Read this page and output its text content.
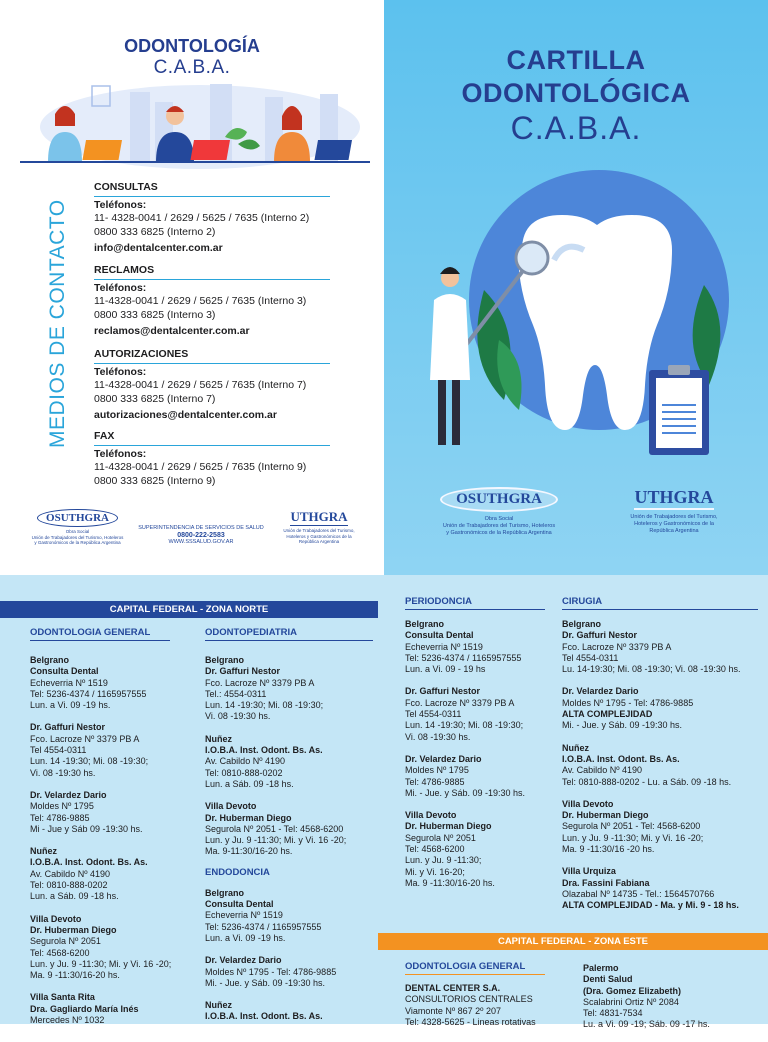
ODONTOLOGÍA
C.A.B.A.
MEDIOS DE CONTACTO
CONSULTAS
Teléfonos:
11- 4328-0041 / 2629 / 5625 / 7635 (Interno 2)
0800 333 6825 (Interno 2)
info@dentalcenter.com.ar
RECLAMOS
Teléfonos:
11-4328-0041 / 2629 / 5625 / 7635 (Interno 3)
0800 333 6825 (Interno 3)
reclamos@dentalcenter.com.ar
AUTORIZACIONES
Teléfonos:
11-4328-0041 / 2629 / 5625 / 7635 (Interno 7)
0800 333 6825 (Interno 7)
autorizaciones@dentalcenter.com.ar
FAX
Teléfonos:
11-4328-0041 / 2629 / 5625 / 7635 (Interno 9)
0800 333 6825 (Interno 9)
OSUTHGRA
Obra Social
Unión de Trabajadores del Turismo, Hoteleros
y Gastronómicos de la República Argentina
SUPERINTENDENCIA DE SERVICIOS DE SALUD
0800-222-2583
WWW.SSSALUD.GOV.AR
UTHGRA
Unión de Trabajadores del Turismo,
Hoteleros y Gastronómicos de la
República Argentina
CARTILLA
ODONTOLÓGICA
C.A.B.A.
OSUTHGRA
Obra Social
Unión de Trabajadores del Turismo, Hoteleros
y Gastronómicos de la República Argentina
UTHGRA
Unión de Trabajadores del Turismo,
Hoteleros y Gastronómicos de la
República Argentina
CAPITAL FEDERAL - ZONA NORTE
ODONTOLOGIA GENERAL
Belgrano
Consulta Dental
Echeverria Nº 1519
Tel: 5236-4374 / 1165957555
Lun. a Vi. 09 -19 hs.
Dr. Gaffuri Nestor
Fco. Lacroze Nº 3379 PB A
Tel 4554-0311
Lun. 14 -19:30; Mi. 08 -19:30;
Vi. 08 -19:30 hs.
Dr. Velardez Dario
Moldes Nº 1795
Tel: 4786-9885
Mi - Jue y Sáb 09 -19:30 hs.
Nuñez
I.O.B.A. Inst. Odont. Bs. As.
Av. Cabildo Nº 4190
Tel: 0810-888-0202
Lun. a Sáb. 09 -18 hs.
Villa Devoto
Dr. Huberman Diego
Segurola Nº 2051
Tel: 4568-6200
Lun. y Ju. 9 -11:30; Mi. y Vi. 16 -20;
Ma. 9 -11:30/16-20 hs.
Villa Santa Rita
Dra. Gagliardo María Inés
Mercedes Nº 1032
ODONTOPEDIATRIA
Belgrano
Dr. Gaffuri Nestor
Fco. Lacroze Nº 3379 PB A
Tel.: 4554-0311
Lun. 14 -19:30; Mi. 08 -19:30;
Vi. 08 -19:30 hs.
Nuñez
I.O.B.A. Inst. Odont. Bs. As.
Av. Cabildo Nº 4190
Tel: 0810-888-0202
Lun. a Sáb. 09 -18 hs.
Villa Devoto
Dr. Huberman Diego
Segurola Nº 2051 - Tel: 4568-6200
Lun. y Ju. 9 -11:30; Mi. y Vi. 16 -20;
Ma. 9-11:30/16-20 hs.
ENDODONCIA
Belgrano
Consulta Dental
Echeverria Nº 1519
Tel: 5236-4374 / 1165957555
Lun. a Vi. 09 -19 hs.
Dr. Velardez Dario
Moldes Nº 1795 - Tel: 4786-9885
Mi. - Jue. y Sáb. 09 -19:30 hs.
Nuñez
I.O.B.A. Inst. Odont. Bs. As.
PERIODONCIA
Belgrano
Consulta Dental
Echeverria Nº 1519
Tel: 5236-4374 / 1165957555
Lun. a Vi. 09 - 19 hs
Dr. Gaffuri Nestor
Fco. Lacroze Nº 3379 PB A
Tel 4554-0311
Lun. 14 -19:30; Mi. 08 -19:30;
Vi. 08 -19:30 hs.
Dr. Velardez Dario
Moldes Nº 1795
Tel: 4786-9885
Mi. - Jue. y Sáb. 09 -19:30 hs.
Villa Devoto
Dr. Huberman Diego
Segurola Nº 2051
Tel: 4568-6200
Lun. y Ju. 9 -11:30;
Mi. y Vi. 16-20;
Ma. 9 -11:30/16-20 hs.
CIRUGIA
Belgrano
Dr. Gaffuri Nestor
Fco. Lacroze Nº 3379 PB A
Tel 4554-0311
Lu. 14-19:30; Mi. 08 -19:30; Vi. 08 -19:30 hs.
Dr. Velardez Dario
Moldes Nº 1795 - Tel: 4786-9885
ALTA COMPLEJIDAD
Mi. - Jue. y Sáb. 09 -19:30 hs.
Nuñez
I.O.B.A. Inst. Odont. Bs. As.
Av. Cabildo Nº 4190
Tel: 0810-888-0202 - Lu. a Sáb. 09 -18 hs.
Villa Devoto
Dr. Huberman Diego
Segurola Nº 2051 - Tel: 4568-6200
Lun. y Ju. 9 -11:30; Mi. y Vi. 16 -20;
Ma. 9 -11:30/16 -20 hs.
Villa Urquiza
Dra. Fassini Fabiana
Olazabal Nº 14735 - Tel.: 1564570766
ALTA COMPLEJIDAD - Ma. y Mi. 9 - 18 hs.
CAPITAL FEDERAL - ZONA ESTE
ODONTOLOGIA GENERAL
DENTAL CENTER S.A.
CONSULTORIOS CENTRALES
Viamonte Nº 867 2º 207
Tel: 4328-5625 - Lineas rotativas
Palermo
Denti Salud
(Dra. Gomez Elizabeth)
Scalabrini Ortiz Nº 2084
Tel: 4831-7534
Lu. a Vi. 09 -19; Sáb. 09 -17 hs.
